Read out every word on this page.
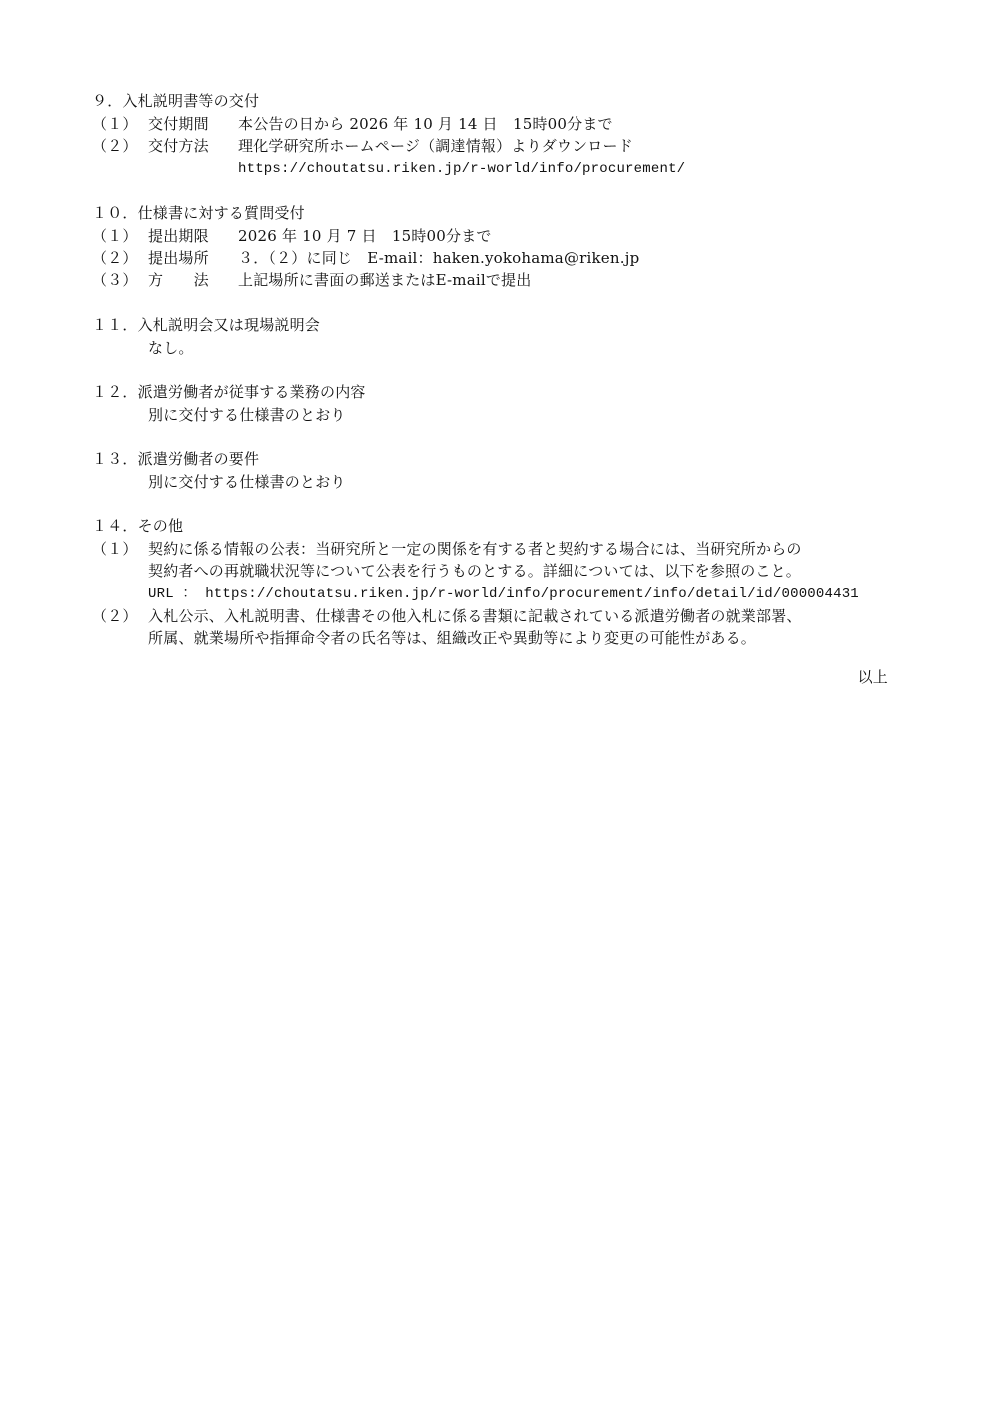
９．入札説明書等の交付
（１） 交付期間 本公告の日から 2026 年 10 月 14 日　15時00分まで
（２） 交付方法 理化学研究所ホームページ（調達情報）よりダウンロード
https://choutatsu.riken.jp/r-world/info/procurement/
１０．仕様書に対する質問受付
（１） 提出期限 2026 年 10 月 7 日　15時00分まで
（２） 提出場所 ３．（２）に同じ　E-mail：haken.yokohama@riken.jp
（３） 方　　法 上記場所に書面の郵送またはE-mailで提出
１１．入札説明会又は現場説明会
なし。
１２．派遣労働者が従事する業務の内容
別に交付する仕様書のとおり
１３．派遣労働者の要件
別に交付する仕様書のとおり
１４．その他
（１） 契約に係る情報の公表：当研究所と一定の関係を有する者と契約する場合には、当研究所からの
契約者への再就職状況等について公表を行うものとする。詳細については、以下を参照のこと。
URL ： https://choutatsu.riken.jp/r-world/info/procurement/info/detail/id/000004431
（２） 入札公示、入札説明書、仕様書その他入札に係る書類に記載されている派遣労働者の就業部署、
所属、就業場所や指揮命令者の氏名等は、組織改正や異動等により変更の可能性がある。
以上
